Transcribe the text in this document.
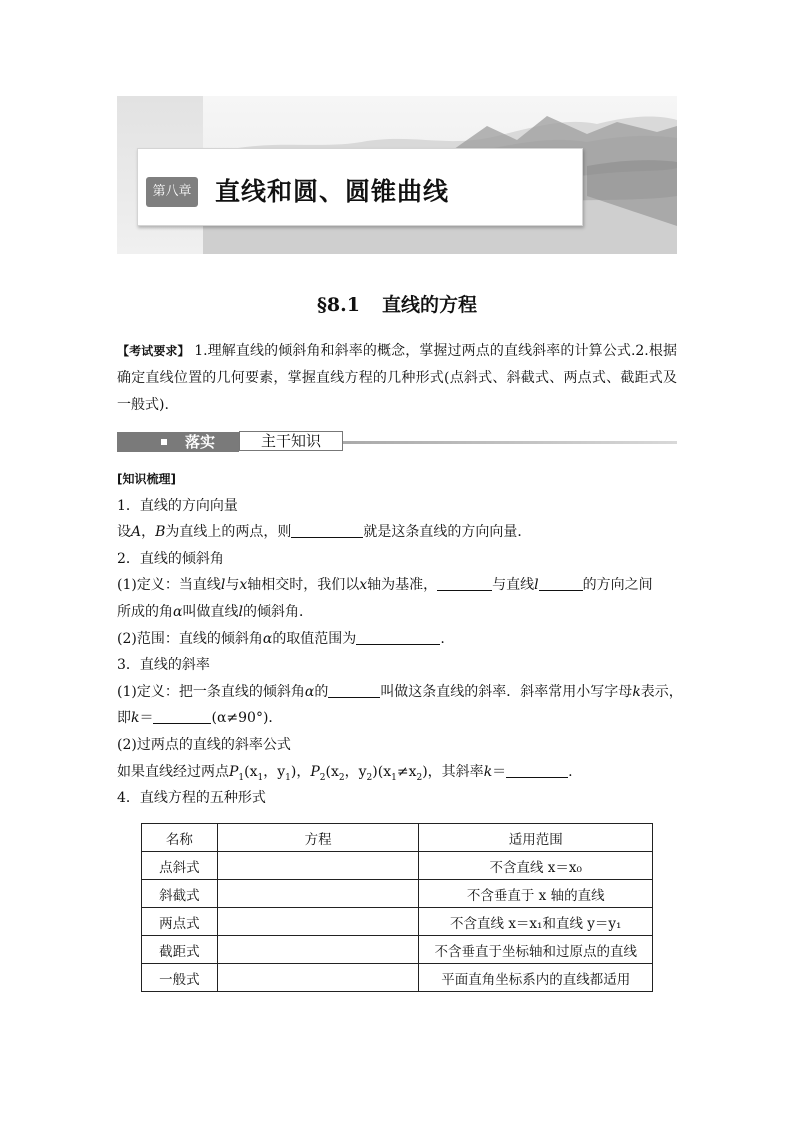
第八章 直线和圆、圆锥曲线
§8.1 直线的方程
【考试要求】 1.理解直线的倾斜角和斜率的概念，掌握过两点的直线斜率的计算公式.2.根据确定直线位置的几何要素，掌握直线方程的几种形式(点斜式、斜截式、两点式、截距式及一般式).
落实	主干知识
[知识梳理]
1．直线的方向向量
设A，B为直线上的两点，则	就是这条直线的方向向量．
2．直线的倾斜角
(1)定义：当直线l与x轴相交时，我们以x轴为基准，	与直线l	的方向之间
所成的角α叫做直线l的倾斜角．
(2)范围：直线的倾斜角α的取值范围为	.
3．直线的斜率
(1)定义：把一条直线的倾斜角α的	叫做这条直线的斜率．斜率常用小写字母k表示，
即k＝	(α≠90°)．
(2)过两点的直线的斜率公式
如果直线经过两点$P_1(x_1$，$y_1$)，$P_2(x_2$，$y_2)(x_1\ne x_2)$，其斜率k＝	.
4．直线方程的五种形式
名称	方程	适用范围
点斜式		不含直线 x＝x₀
斜截式		不含垂直于 x 轴的直线
两点式		不含直线 x＝x₁和直线 y＝y₁
截距式		不含垂直于坐标轴和过原点的直线
一般式		平面直角坐标系内的直线都适用
